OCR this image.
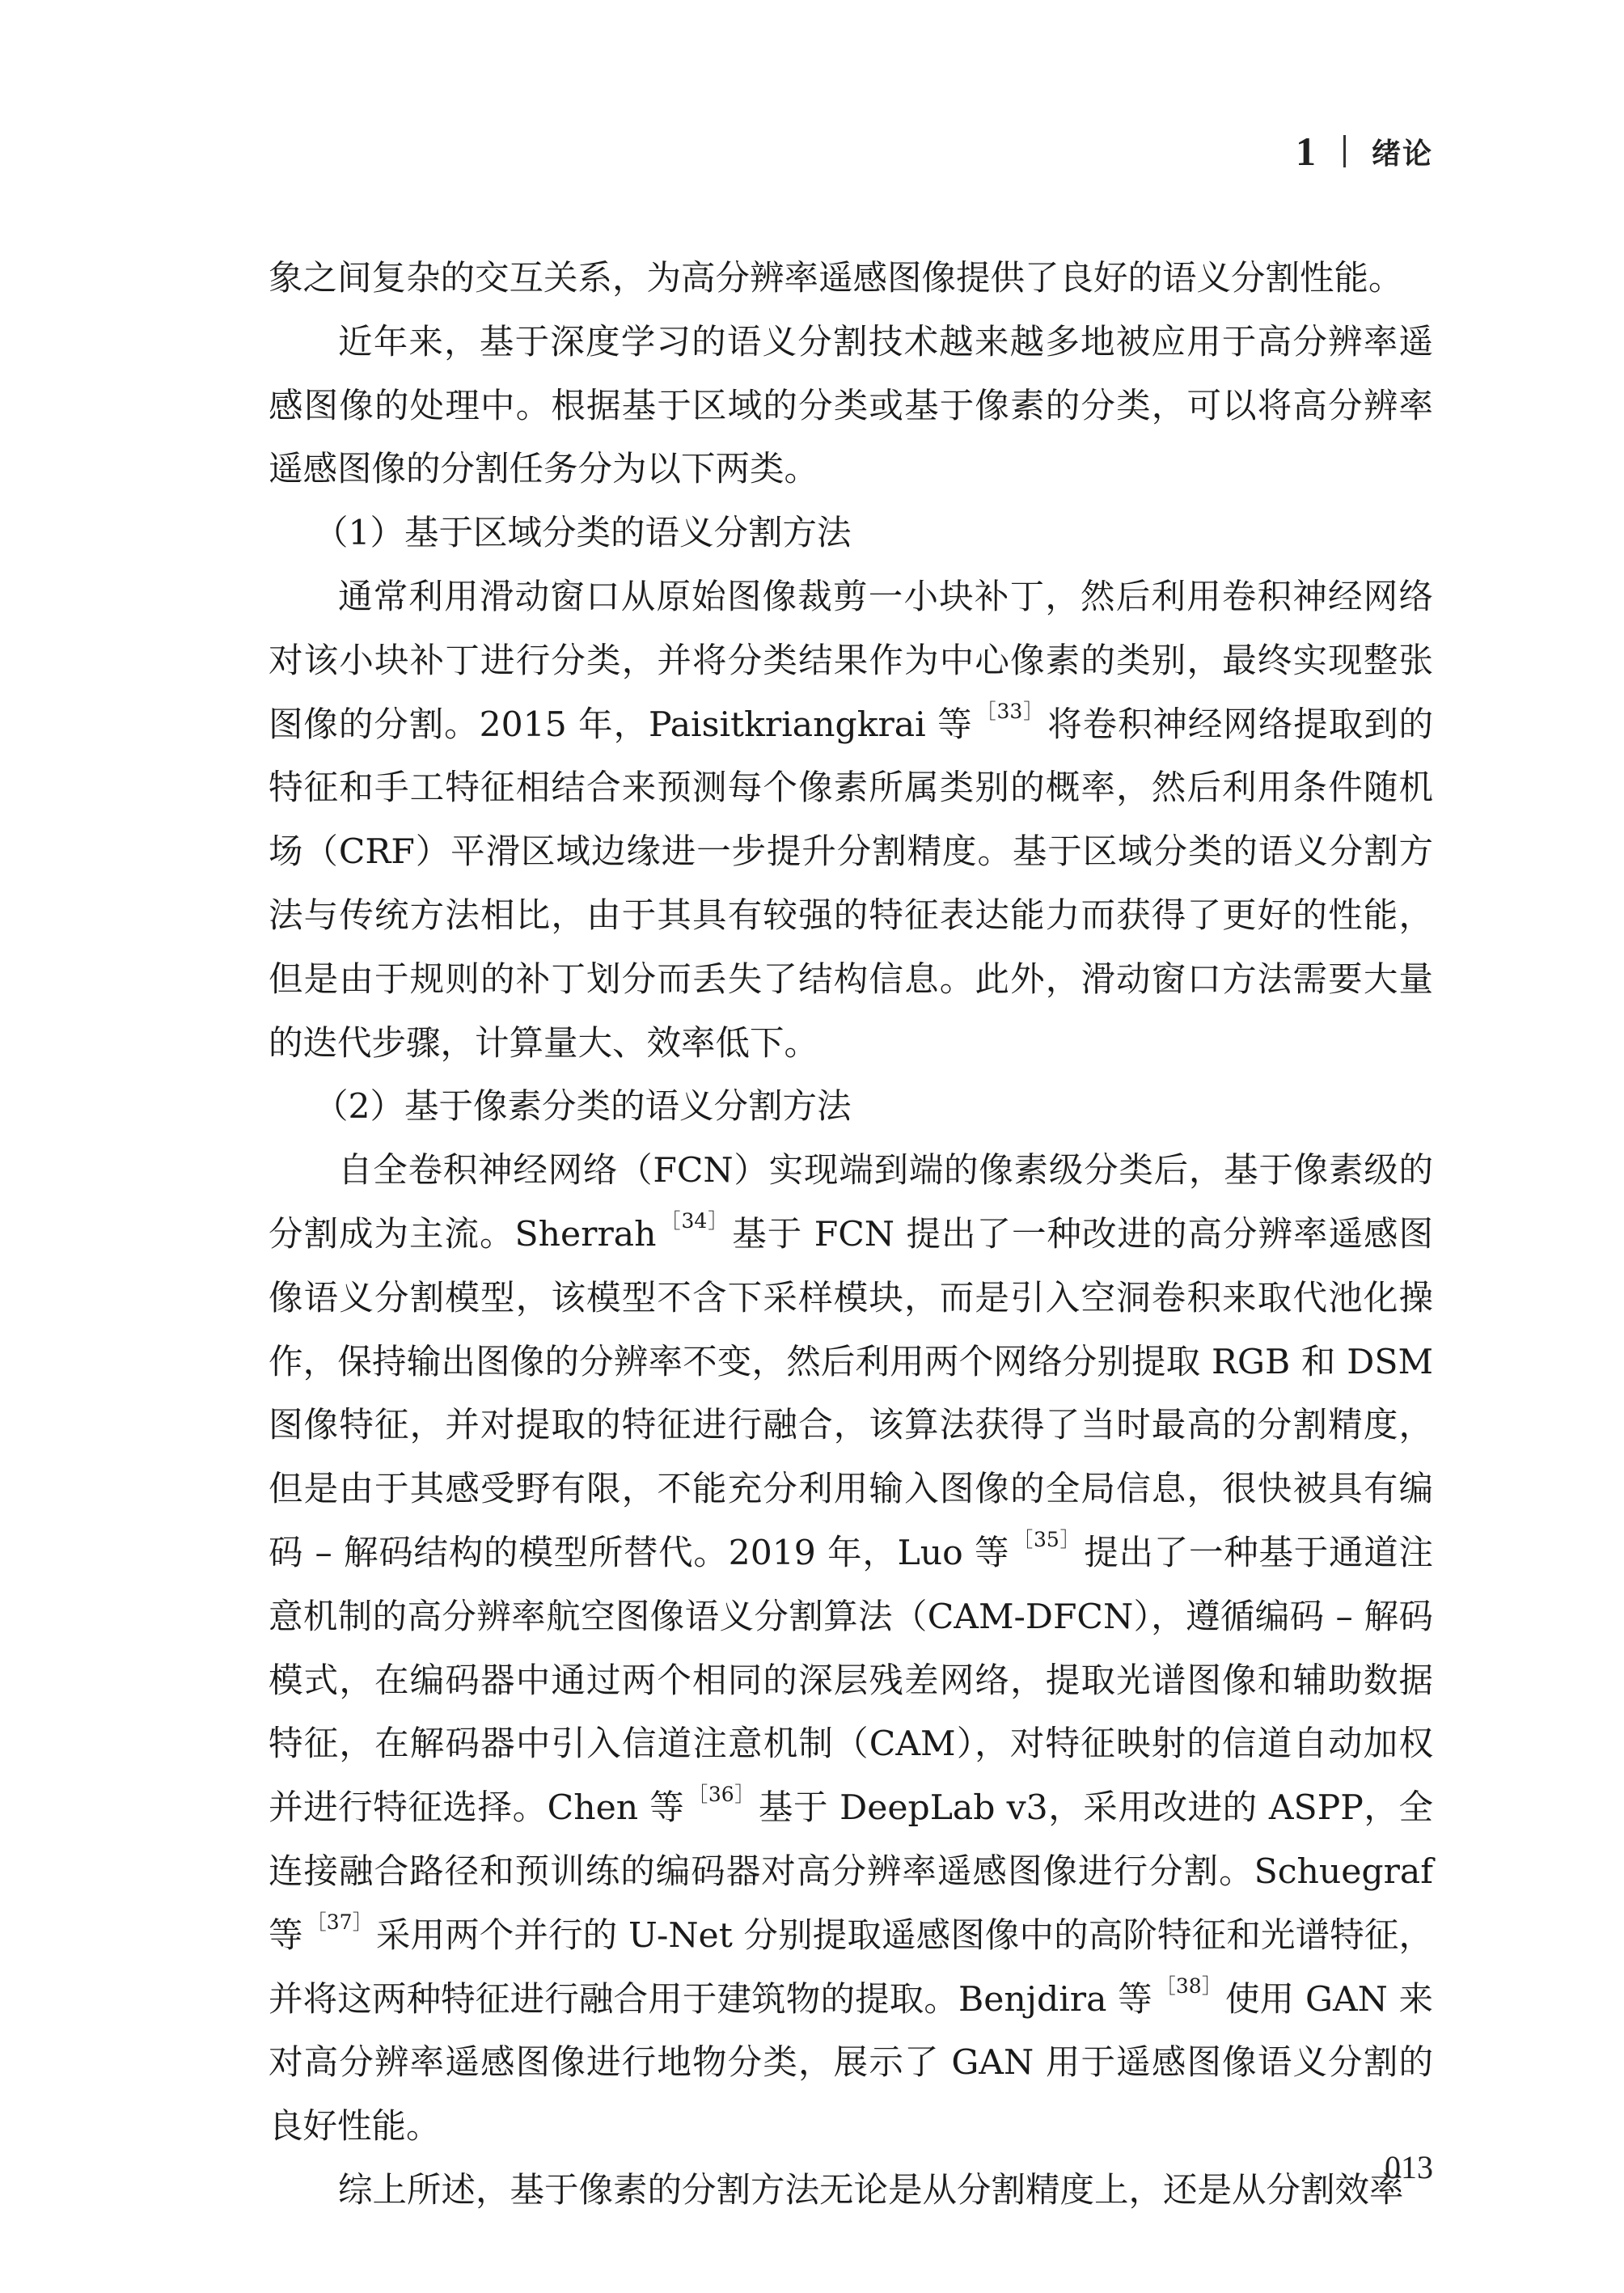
1 绪论

象之间复杂的交互关系，为高分辨率遥感图像提供了良好的语义分割性能。

近年来，基于深度学习的语义分割技术越来越多地被应用于高分辨率遥感图像的处理中。根据基于区域的分类或基于像素的分类，可以将高分辨率遥感图像的分割任务分为以下两类。

（1）基于区域分类的语义分割方法

通常利用滑动窗口从原始图像裁剪一小块补丁，然后利用卷积神经网络对该小块补丁进行分类，并将分类结果作为中心像素的类别，最终实现整张图像的分割。2015 年，Paisitkriangkrai 等 $^{[33]}$将卷积神经网络提取到的特征和手工特征相结合来预测每个像素所属类别的概率，然后利用条件随机场（CRF）平滑区域边缘进一步提升分割精度。基于区域分类的语义分割方法与传统方法相比，由于其具有较强的特征表达能力而获得了更好的性能，但是由于规则的补丁划分而丢失了结构信息。此外，滑动窗口方法需要大量的迭代步骤，计算量大、效率低下。

（2）基于像素分类的语义分割方法

自全卷积神经网络（FCN）实现端到端的像素级分类后，基于像素级的分割成为主流。Sherrah $^{[34]}$基于 FCN 提出了一种改进的高分辨率遥感图像语义分割模型，该模型不含下采样模块，而是引入空洞卷积来取代池化操作，保持输出图像的分辨率不变，然后利用两个网络分别提取 RGB 和 DSM 图像特征，并对提取的特征进行融合，该算法获得了当时最高的分割精度，但是由于其感受野有限，不能充分利用输入图像的全局信息，很快被具有编码 – 解码结构的模型所替代。2019 年，Luo 等 $^{[35]}$提出了一种基于通道注意机制的高分辨率航空图像语义分割算法（CAM-DFCN），遵循编码 – 解码模式，在编码器中通过两个相同的深层残差网络，提取光谱图像和辅助数据特征，在解码器中引入信道注意机制（CAM），对特征映射的信道自动加权并进行特征选择。Chen 等 $^{[36]}$基于 DeepLab v3，采用改进的 ASPP，全连接融合路径和预训练的编码器对高分辨率遥感图像进行分割。Schuegraf 等 $^{[37]}$采用两个并行的 U-Net 分别提取遥感图像中的高阶特征和光谱特征，并将这两种特征进行融合用于建筑物的提取。Benjdira 等 $^{[38]}$使用 GAN 来对高分辨率遥感图像进行地物分类，展示了 GAN 用于遥感图像语义分割的良好性能。

综上所述，基于像素的分割方法无论是从分割精度上，还是从分割效率

013
